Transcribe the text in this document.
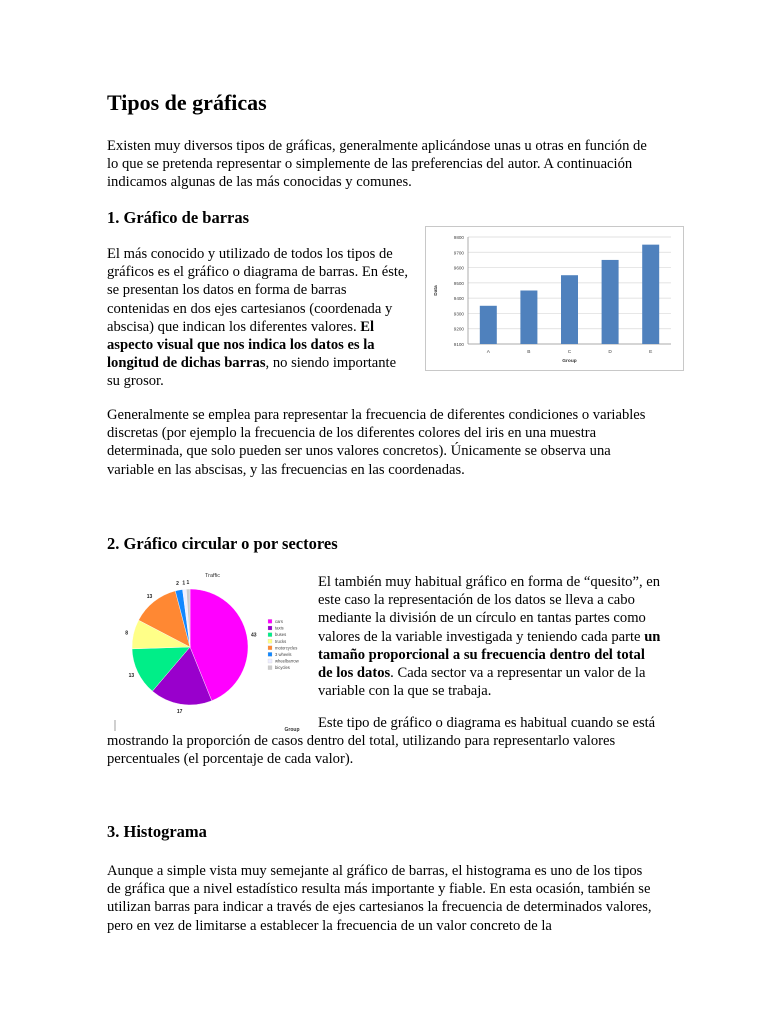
Tipos de gráficas

Existen muy diversos tipos de gráficas, generalmente aplicándose unas u otras en función de lo que se pretenda representar o simplemente de las preferencias del autor. A continuación indicamos algunas de las más conocidas y comunes.

1. Gráfico de barras

El más conocido y utilizado de todos los tipos de gráficos es el gráfico o diagrama de barras. En éste, se presentan los datos en forma de barras contenidas en dos ejes cartesianos (coordenada y abscisa) que indican los diferentes valores. El aspecto visual que nos indica los datos es la longitud de dichas barras, no siendo importante su grosor.

9100
9200
9300
9400
9500
9600
9700
9800
A	B	C	D	E
Group
Data

Generalmente se emplea para representar la frecuencia de diferentes condiciones o variables discretas (por ejemplo la frecuencia de los diferentes colores del iris en una muestra determinada, que solo pueden ser unos valores concretos). Únicamente se observa una variable en las abscisas, y las frecuencias en las coordenadas.

2. Gráfico circular o por sectores
Traffic
43
17
13
8
13
2 1 1
cars
taxis
buses
trucks
motorcycles
3 wheels
wheelbarrow
bicycles
Group

El también muy habitual gráfico en forma de “quesito”, en este caso la representación de los datos se lleva a cabo mediante la división de un círculo en tantas partes como valores de la variable investigada y teniendo cada parte un tamaño proporcional a su frecuencia dentro del total de los datos. Cada sector va a representar un valor de la variable con la que se trabaja.

Este tipo de gráfico o diagrama es habitual cuando se está mostrando la proporción de casos dentro del total, utilizando para representarlo valores percentuales (el porcentaje de cada valor).

3. Histograma

Aunque a simple vista muy semejante al gráfico de barras, el histograma es uno de los tipos de gráfica que a nivel estadístico resulta más importante y fiable. En esta ocasión, también se utilizan barras para indicar a través de ejes cartesianos la frecuencia de determinados valores, pero en vez de limitarse a establecer la frecuencia de un valor concreto de la
